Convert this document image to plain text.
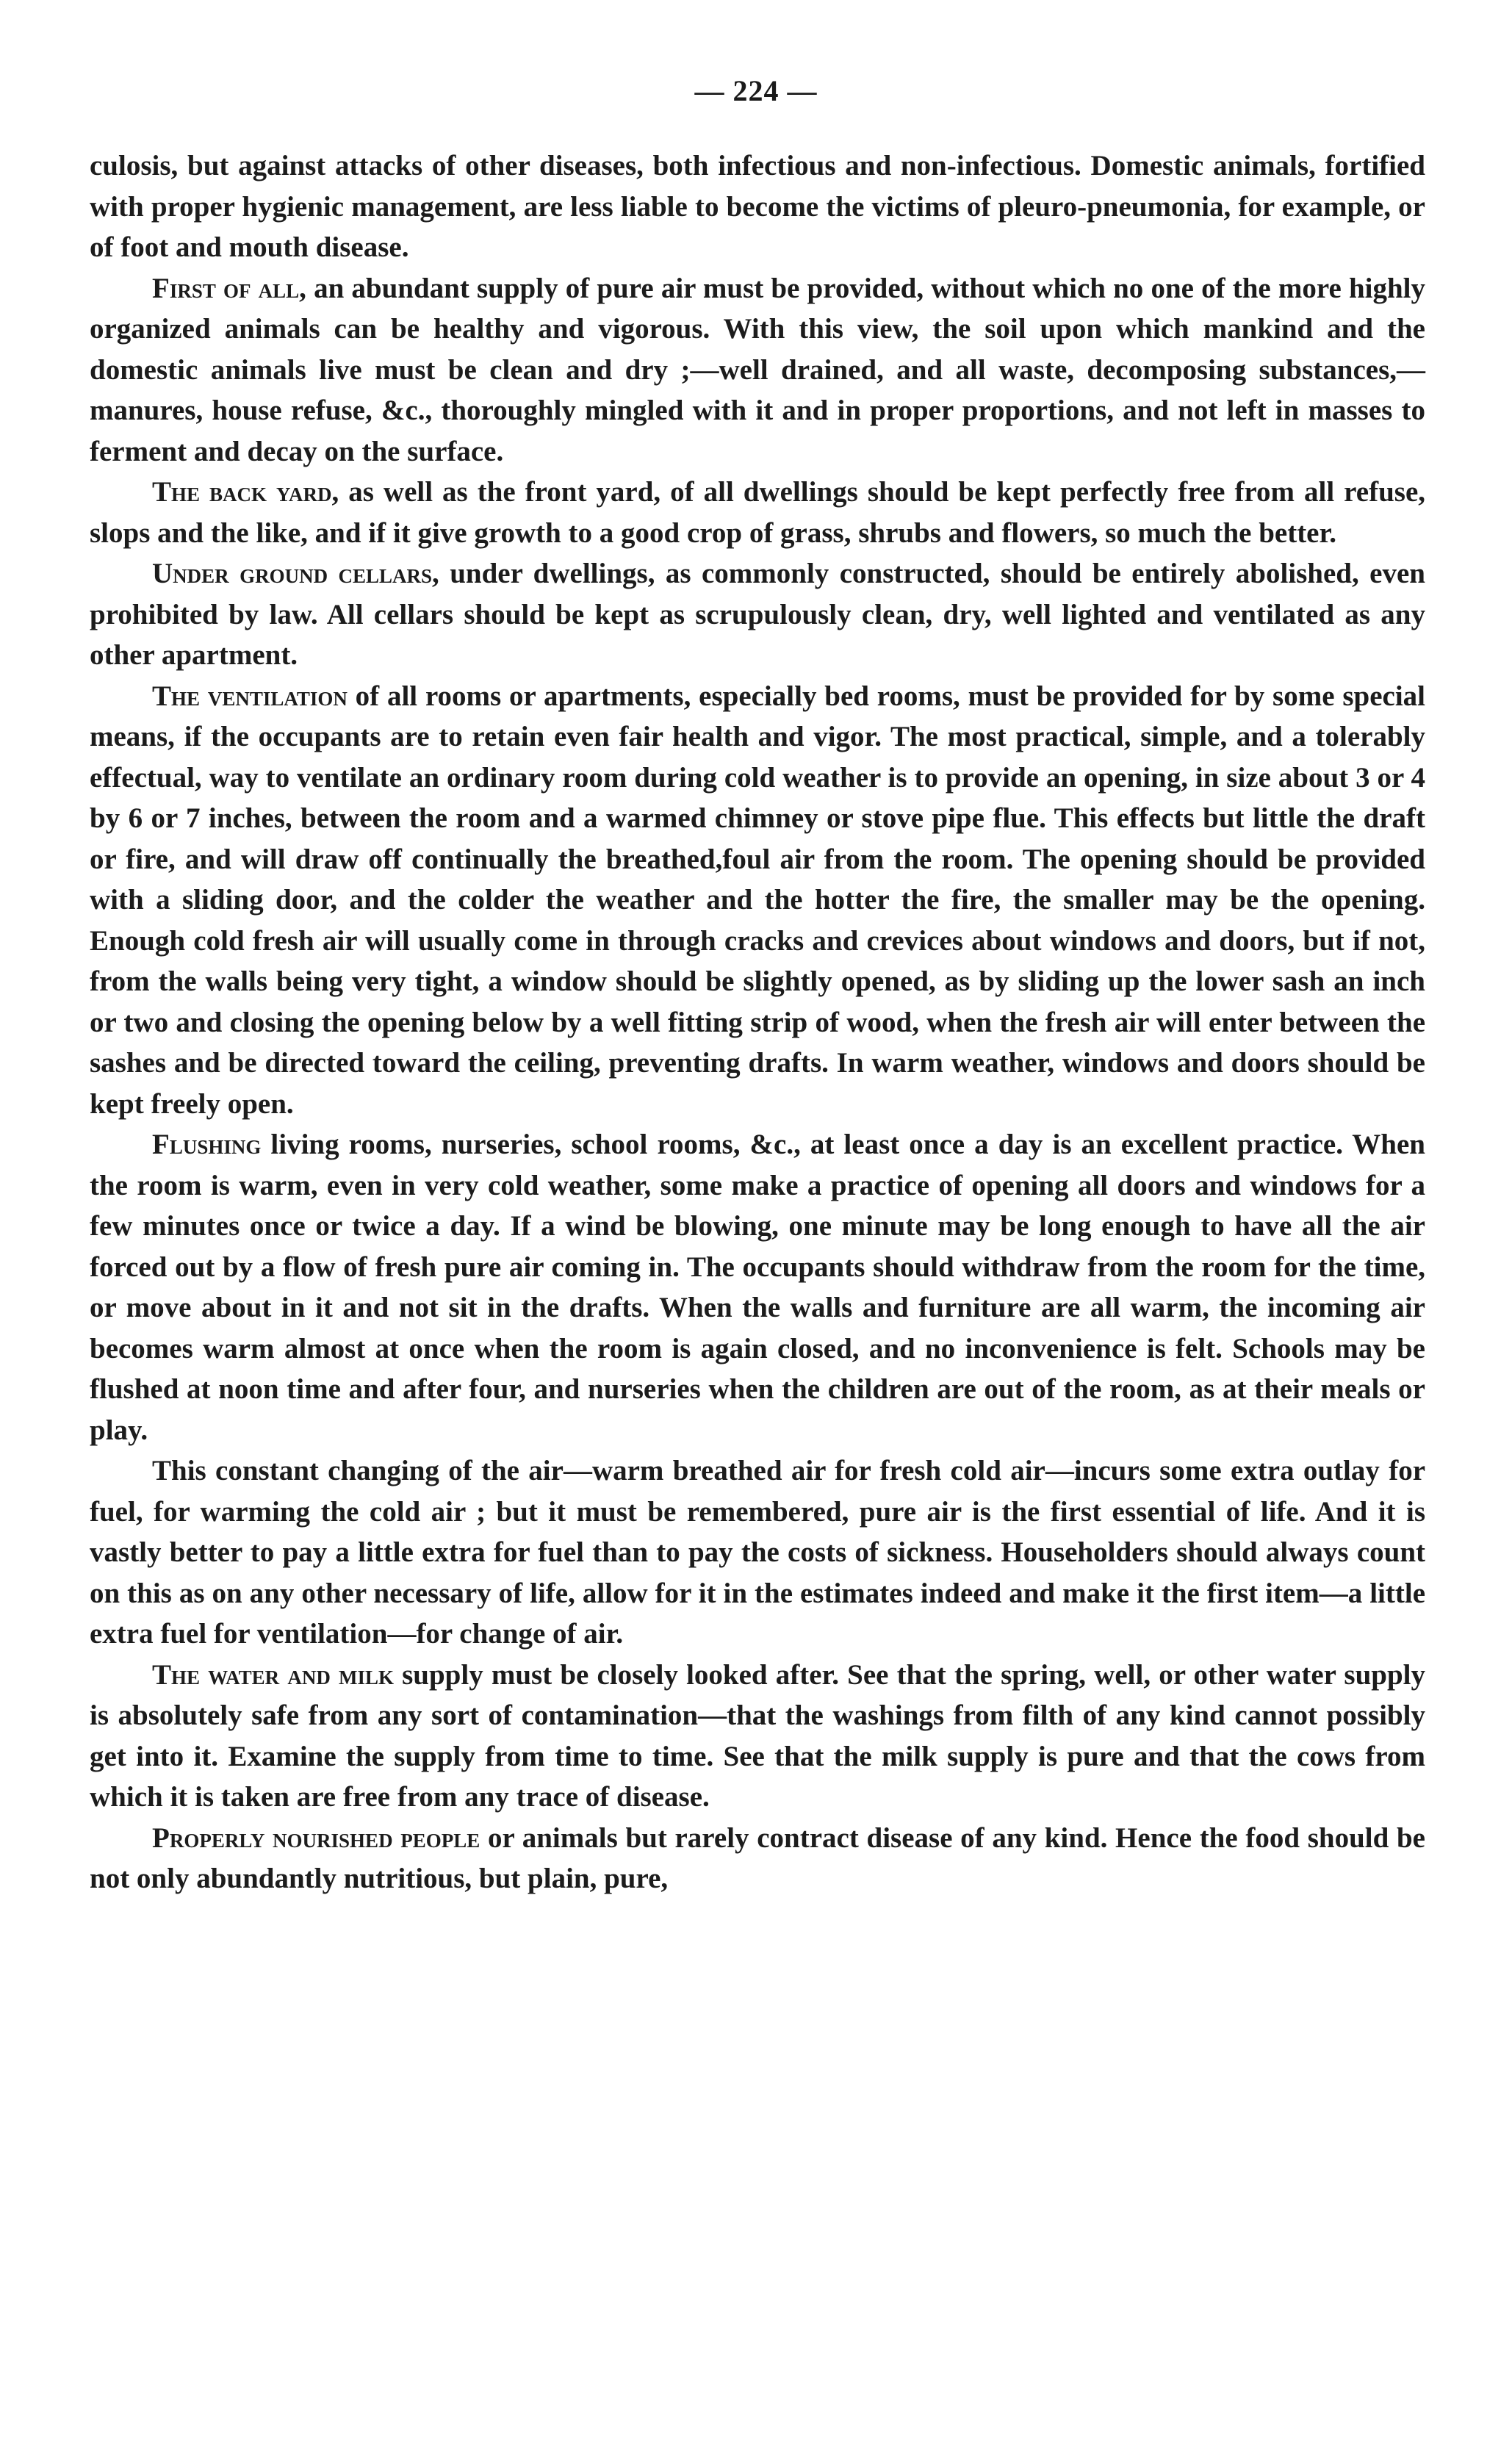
— 224 —

culosis, but against attacks of other diseases, both infectious and non-infectious. Domestic animals, fortified with proper hygienic management, are less liable to become the victims of pleuro-pneumonia, for example, or of foot and mouth disease.

First of all, an abundant supply of pure air must be provided, without which no one of the more highly organized animals can be healthy and vigorous. With this view, the soil upon which mankind and the domestic animals live must be clean and dry ;—well drained, and all waste, decomposing substances,—manures, house refuse, &c., thoroughly mingled with it and in proper proportions, and not left in masses to ferment and decay on the surface.

The back yard, as well as the front yard, of all dwellings should be kept perfectly free from all refuse, slops and the like, and if it give growth to a good crop of grass, shrubs and flowers, so much the better.

Under ground cellars, under dwellings, as commonly constructed, should be entirely abolished, even prohibited by law. All cellars should be kept as scrupulously clean, dry, well lighted and ventilated as any other apartment.

The ventilation of all rooms or apartments, especially bed rooms, must be provided for by some special means, if the occupants are to retain even fair health and vigor. The most practical, simple, and a tolerably effectual, way to ventilate an ordinary room during cold weather is to provide an opening, in size about 3 or 4 by 6 or 7 inches, between the room and a warmed chimney or stove pipe flue. This effects but little the draft or fire, and will draw off continually the breathed,foul air from the room. The opening should be provided with a sliding door, and the colder the weather and the hotter the fire, the smaller may be the opening. Enough cold fresh air will usually come in through cracks and crevices about windows and doors, but if not, from the walls being very tight, a window should be slightly opened, as by sliding up the lower sash an inch or two and closing the opening below by a well fitting strip of wood, when the fresh air will enter between the sashes and be directed toward the ceiling, preventing drafts. In warm weather, windows and doors should be kept freely open.

Flushing living rooms, nurseries, school rooms, &c., at least once a day is an excellent practice. When the room is warm, even in very cold weather, some make a practice of opening all doors and windows for a few minutes once or twice a day. If a wind be blowing, one minute may be long enough to have all the air forced out by a flow of fresh pure air coming in. The occupants should withdraw from the room for the time, or move about in it and not sit in the drafts. When the walls and furniture are all warm, the incoming air becomes warm almost at once when the room is again closed, and no inconvenience is felt. Schools may be flushed at noon time and after four, and nurseries when the children are out of the room, as at their meals or play.

This constant changing of the air—warm breathed air for fresh cold air—incurs some extra outlay for fuel, for warming the cold air ; but it must be remembered, pure air is the first essential of life. And it is vastly better to pay a little extra for fuel than to pay the costs of sickness. Householders should always count on this as on any other necessary of life, allow for it in the estimates indeed and make it the first item—a little extra fuel for ventilation—for change of air.

The water and milk supply must be closely looked after. See that the spring, well, or other water supply is absolutely safe from any sort of contamination—that the washings from filth of any kind cannot possibly get into it. Examine the supply from time to time. See that the milk supply is pure and that the cows from which it is taken are free from any trace of disease.

Properly nourished people or animals but rarely contract disease of any kind. Hence the food should be not only abundantly nutritious, but plain, pure,
